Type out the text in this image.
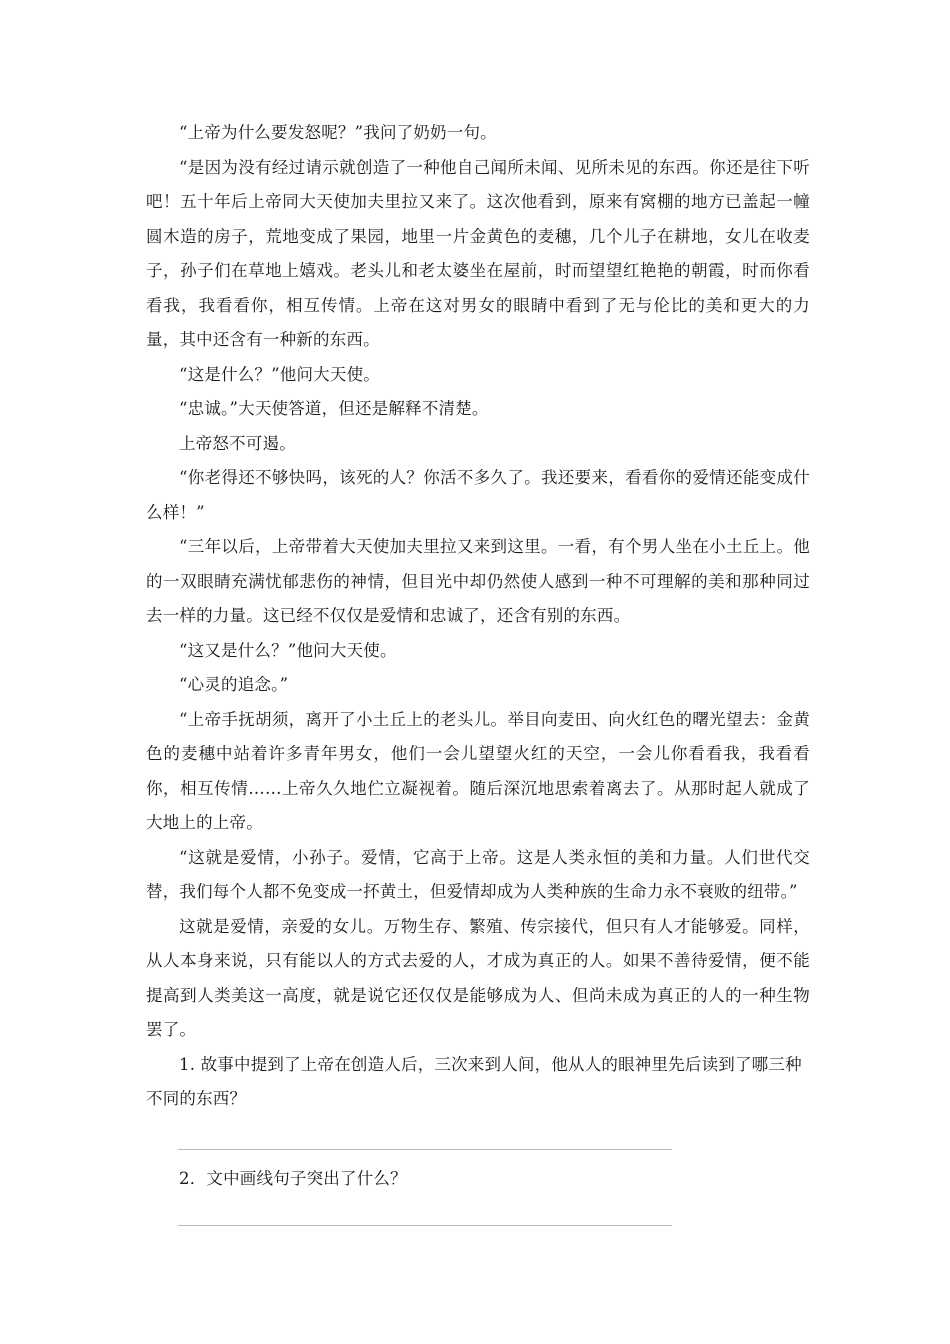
“上帝为什么要发怒呢？”我问了奶奶一句。

“是因为没有经过请示就创造了一种他自己闻所未闻、见所未见的东西。你还是往下听吧！五十年后上帝同大天使加夫里拉又来了。这次他看到，原来有窝棚的地方已盖起一幢圆木造的房子，荒地变成了果园，地里一片金黄色的麦穗，几个儿子在耕地，女儿在收麦子，孙子们在草地上嬉戏。老头儿和老太婆坐在屋前，时而望望红艳艳的朝霞，时而你看看我，我看看你，相互传情。上帝在这对男女的眼睛中看到了无与伦比的美和更大的力量，其中还含有一种新的东西。

“这是什么？”他问大天使。

“忠诚。”大天使答道，但还是解释不清楚。

上帝怒不可遏。

“你老得还不够快吗，该死的人？你活不多久了。我还要来，看看你的爱情还能变成什么样！”

“三年以后，上帝带着大天使加夫里拉又来到这里。一看，有个男人坐在小土丘上。他的一双眼睛充满忧郁悲伤的神情，但目光中却仍然使人感到一种不可理解的美和那种同过去一样的力量。这已经不仅仅是爱情和忠诚了，还含有别的东西。

“这又是什么？”他问大天使。

“心灵的追念。”

“上帝手抚胡须，离开了小土丘上的老头儿。举目向麦田、向火红色的曙光望去：金黄色的麦穗中站着许多青年男女，他们一会儿望望火红的天空，一会儿你看看我，我看看你，相互传情……上帝久久地伫立凝视着。随后深沉地思索着离去了。从那时起人就成了大地上的上帝。

“这就是爱情，小孙子。爱情，它高于上帝。这是人类永恒的美和力量。人们世代交替，我们每个人都不免变成一抔黄土，但爱情却成为人类种族的生命力永不衰败的纽带。”

这就是爱情，亲爱的女儿。万物生存、繁殖、传宗接代，但只有人才能够爱。同样，从人本身来说，只有能以人的方式去爱的人，才成为真正的人。如果不善待爱情，便不能提高到人类美这一高度，就是说它还仅仅是能够成为人、但尚未成为真正的人的一种生物罢了。

1. 故事中提到了上帝在创造人后，三次来到人间，他从人的眼神里先后读到了哪三种不同的东西？

2．文中画线句子突出了什么？
